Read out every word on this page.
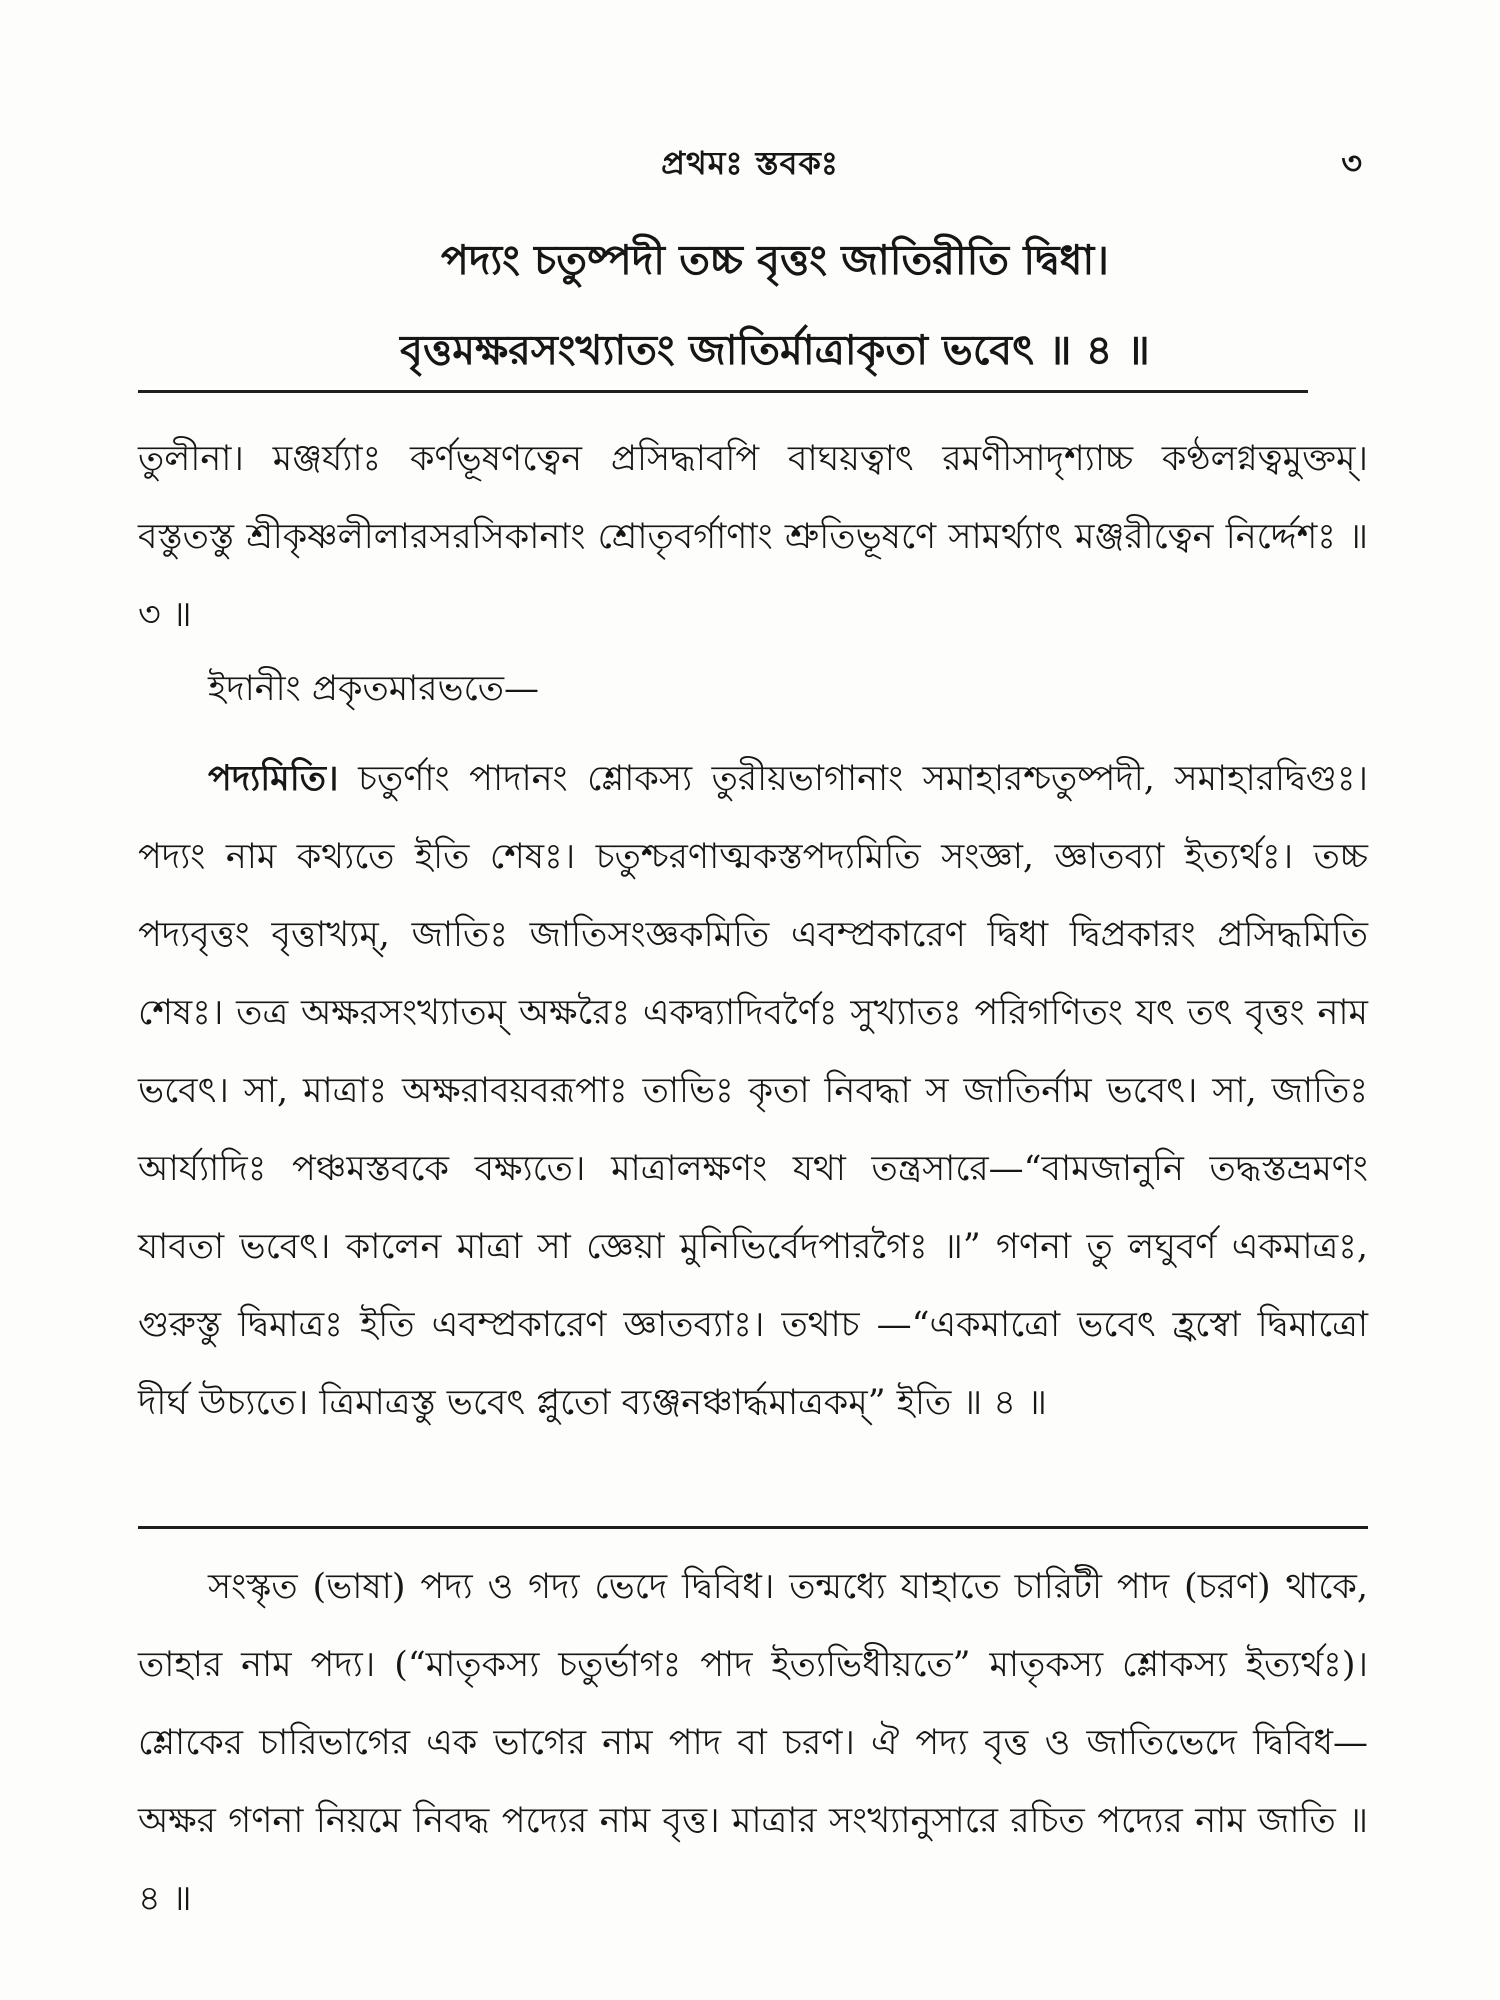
প্রথমঃ স্তবকঃ	৩
পদ্যং চতুষ্পদী তচ্চ বৃত্তং জাতিরীতি দ্বিধা।
বৃত্তমক্ষরসংখ্যাতং জাতির্মাত্রাকৃতা ভবেৎ ॥ ৪ ॥

তুলীনা। মঞ্জর্য্যাঃ কর্ণভূষণত্বেন প্রসিদ্ধাবপি বাঘয়ত্বাৎ রমণীসাদৃশ্যাচ্চ কণ্ঠলগ্নত্বমুক্তম্। বস্তুতস্তু শ্রীকৃষ্ণলীলারসরসিকানাং শ্রোতৃবর্গাণাং শ্রুতিভূষণে সামর্থ্যাৎ মঞ্জরীত্বেন নির্দ্দেশঃ ॥ ৩ ॥

ইদানীং প্রকৃতমারভতে—

পদ্যমিতি। চতুর্ণাং পাদানং শ্লোকস্য তুরীয়ভাগানাং সমাহারশ্চতুষ্পদী, সমাহারদ্বিগুঃ। পদ্যং নাম কথ্যতে ইতি শেষঃ। চতুশ্চরণাত্মকস্তপদ্যমিতি সংজ্ঞা, জ্ঞাতব্যা ইত্যর্থঃ। তচ্চ পদ্যবৃত্তং বৃত্তাখ্যম্, জাতিঃ জাতিসংজ্ঞকমিতি এবম্প্রকারেণ দ্বিধা দ্বিপ্রকারং প্রসিদ্ধমিতি শেষঃ। তত্র অক্ষরসংখ্যাতম্ অক্ষরৈঃ একদ্ব্যাদিবর্ণৈঃ সুখ্যাতঃ পরিগণিতং যৎ তৎ বৃত্তং নাম ভবেৎ। সা, মাত্রাঃ অক্ষরাবয়বরূপাঃ তাভিঃ কৃতা নিবদ্ধা স জাতির্নাম ভবেৎ। সা, জাতিঃ আর্য্যাদিঃ পঞ্চমস্তবকে বক্ষ্যতে। মাত্রালক্ষণং যথা তন্ত্রসারে—“বামজানুনি তদ্ধস্তভ্রমণং যাবতা ভবেৎ। কালেন মাত্রা সা জ্ঞেয়া মুনিভির্বেদপারগৈঃ ॥” গণনা তু লঘুবর্ণ একমাত্রঃ, গুরুস্তু দ্বিমাত্রঃ ইতি এবম্প্রকারেণ জ্ঞাতব্যাঃ। তথাচ —“একমাত্রো ভবেৎ হ্রস্বো দ্বিমাত্রো দীর্ঘ উচ্যতে। ত্রিমাত্রস্তু ভবেৎ প্লুতো ব্যঞ্জনঞ্চার্দ্ধমাত্রকম্” ইতি ॥ ৪ ॥

সংস্কৃত (ভাষা) পদ্য ও গদ্য ভেদে দ্বিবিধ। তন্মধ্যে যাহাতে চারিটী পাদ (চরণ) থাকে, তাহার নাম পদ্য। (“মাতৃকস্য চতুর্ভাগঃ পাদ ইত্যভিধীয়তে” মাতৃকস্য শ্লোকস্য ইত্যর্থঃ)। শ্লোকের চারিভাগের এক ভাগের নাম পাদ বা চরণ। ঐ পদ্য বৃত্ত ও জাতিভেদে দ্বিবিধ—অক্ষর গণনা নিয়মে নিবদ্ধ পদ্যের নাম বৃত্ত। মাত্রার সংখ্যানুসারে রচিত পদ্যের নাম জাতি ॥ ৪ ॥
